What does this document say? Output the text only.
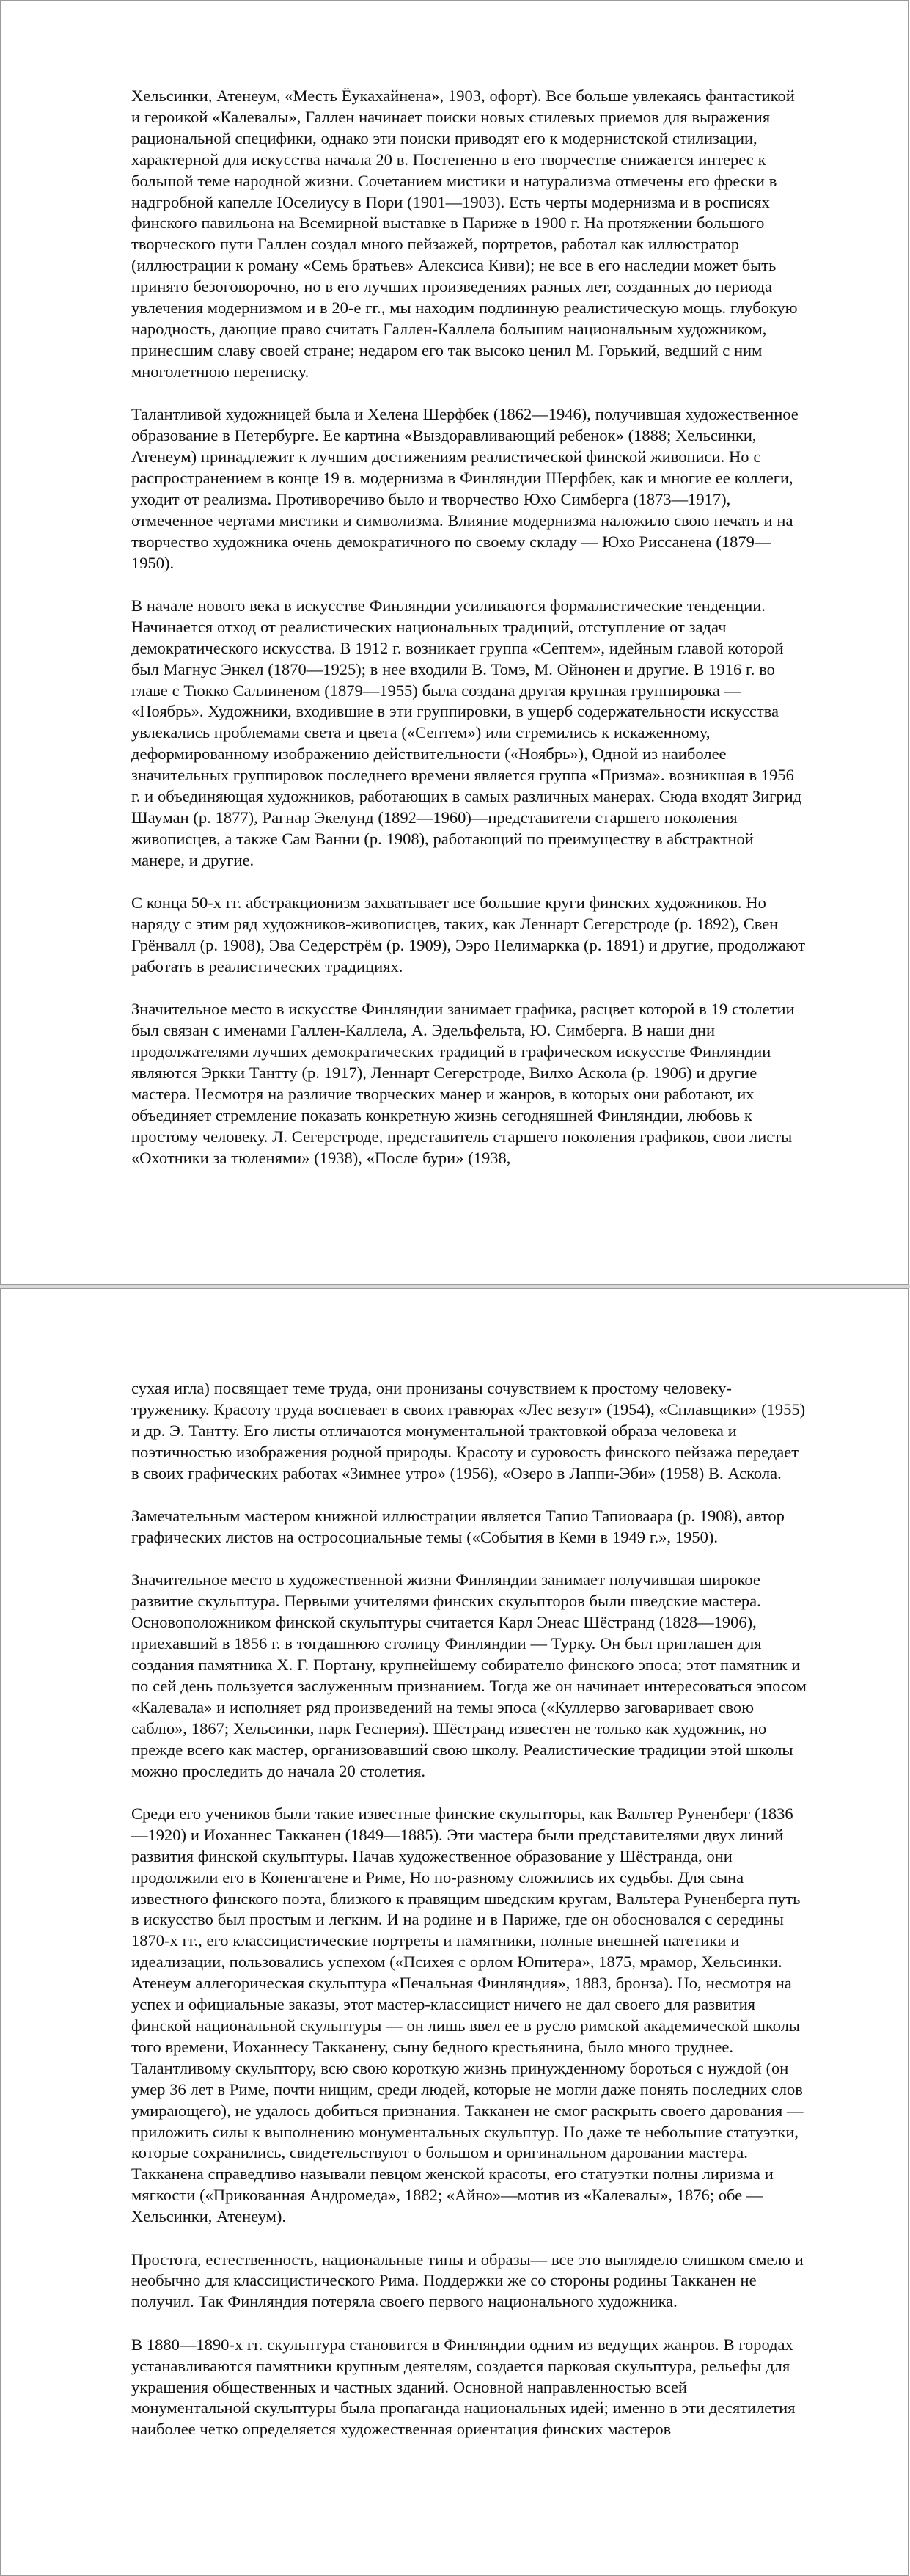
Хельсинки, Атенеум, «Месть Ёукахайнена», 1903, офорт). Все больше увлекаясь фантастикой и героикой «Калевалы», Галлен начинает поиски новых стилевых приемов для выражения рациональной специфики, однако эти поиски приводят его к модернистской стилизации, характерной для искусства начала 20 в. Постепенно в его творчестве снижается интерес к большой теме народной жизни. Сочетанием мистики и натурализма отмечены его фрески в надгробной капелле Юселиусу в Пори (1901—1903). Есть черты модернизма и в росписях финского павильона на Всемирной выставке в Париже в 1900 г. На протяжении большого творческого пути Галлен создал много пейзажей, портретов, работал как иллюстратор (иллюстрации к роману «Семь братьев» Алексиса Киви); не все в его наследии может быть принято безоговорочно, но в его лучших произведениях разных лет, созданных до периода увлечения модернизмом и в 20-е гг., мы находим подлинную реалистическую мощь. глубокую народность, дающие право считать Галлен-Каллела большим национальным художником, принесшим славу своей стране; недаром его так высоко ценил М. Горький, ведший с ним многолетнюю переписку.

Талантливой художницей была и Хелена Шерфбек (1862—1946), получившая художественное образование в Петербурге. Ее картина «Выздоравливающий ребенок» (1888; Хельсинки, Атенеум) принадлежит к лучшим достижениям реалистической финской живописи. Но с распространением в конце 19 в. модернизма в Финляндии Шерфбек, как и многие ее коллеги, уходит от реализма. Противоречиво было и творчество Юхо Симберга (1873—1917), отмеченное чертами мистики и символизма. Влияние модернизма наложило свою печать и на творчество художника очень демократичного по своему складу — Юхо Риссанена (1879—1950).

В начале нового века в искусстве Финляндии усиливаются формалистические тенденции. Начинается отход от реалистических национальных традиций, отступление от задач демократического искусства. В 1912 г. возникает группа «Септем», идейным главой которой был Магнус Энкел (1870—1925); в нее входили В. Томэ, М. Ойнонен и другие. В 1916 г. во главе с Тюкко Саллиненом (1879—1955) была создана другая крупная группировка — «Ноябрь». Художники, входившие в эти группировки, в ущерб содержательности искусства увлекались проблемами света и цвета («Септем») или стремились к искаженному, деформированному изображению действительности («Ноябрь»), Одной из наиболее значительных группировок последнего времени является группа «Призма». возникшая в 1956 г. и объединяющая художников, работающих в самых различных манерах. Сюда входят Зигрид Шауман (р. 1877), Рагнар Экелунд (1892—1960)—представители старшего поколения живописцев, а также Сам Ванни (р. 1908), работающий по преимуществу в абстрактной манере, и другие.

С конца 50-х гг. абстракционизм захватывает все большие круги финских художников. Но наряду с этим ряд художников-живописцев, таких, как Леннарт Сегерстроде (р. 1892), Свен Грёнвалл (р. 1908), Эва Седерстрём (р. 1909), Ээро Нелимаркка (р. 1891) и другие, продолжают работать в реалистических традициях.

Значительное место в искусстве Финляндии занимает графика, расцвет которой в 19 столетии был связан с именами Галлен-Каллела, А. Эдельфельта, Ю. Симберга. В наши дни продолжателями лучших демократических традиций в графическом искусстве Финляндии являются Эркки Тантту (р. 1917), Леннарт Сегерстроде, Вилхо Аскола (р. 1906) и другие мастера. Несмотря на различие творческих манер и жанров, в которых они работают, их объединяет стремление показать конкретную жизнь сегодняшней Финляндии, любовь к простому человеку. Л. Сегерстроде, представитель старшего поколения графиков, свои листы «Охотники за тюленями» (1938), «После бури» (1938,

сухая игла) посвящает теме труда, они пронизаны сочувствием к простому человеку-труженику. Красоту труда воспевает в своих гравюрах «Лес везут» (1954), «Сплавщики» (1955) и др. Э. Тантту. Его листы отличаются монументальной трактовкой образа человека и поэтичностью изображения родной природы. Красоту и суровость финского пейзажа передает в своих графических работах «Зимнее утро» (1956), «Озеро в Лаппи-Эби» (1958) В. Аскола.

Замечательным мастером книжной иллюстрации является Тапио Тапиоваара (р. 1908), автор графических листов на остросоциальные темы («События в Кеми в 1949 г.», 1950).

Значительное место в художественной жизни Финляндии занимает получившая широкое развитие скульптура. Первыми учителями финских скульпторов были шведские мастера. Основоположником финской скульптуры считается Карл Энеас Шёстранд (1828—1906), приехавший в 1856 г. в тогдашнюю столицу Финляндии — Турку. Он был приглашен для создания памятника Х. Г. Портану, крупнейшему собирателю финского эпоса; этот памятник и по сей день пользуется заслуженным признанием. Тогда же он начинает интересоваться эпосом «Калевала» и исполняет ряд произведений на темы эпоса («Куллерво заговаривает свою саблю», 1867; Хельсинки, парк Гесперия). Шёстранд известен не только как художник, но прежде всего как мастер, организовавший свою школу. Реалистические традиции этой школы можно проследить до начала 20 столетия.

Среди его учеников были такие известные финские скульпторы, как Вальтер Руненберг (1836—1920) и Иоханнес Такканен (1849—1885). Эти мастера были представителями двух линий развития финской скульптуры. Начав художественное образование у Шёстранда, они продолжили его в Копенгагене и Риме, Но по-разному сложились их судьбы. Для сына известного финского поэта, близкого к правящим шведским кругам, Вальтера Руненберга путь в искусство был простым и легким. И на родине и в Париже, где он обосновался с середины 1870-х гг., его классицистические портреты и памятники, полные внешней патетики и идеализации, пользовались успехом («Психея с орлом Юпитера», 1875, мрамор, Хельсинки. Атенеум аллегорическая скульптура «Печальная Финляндия», 1883, бронза). Но, несмотря на успех и официальные заказы, этот мастер-классицист ничего не дал своего для развития финской национальной скульптуры — он лишь ввел ее в русло римской академической школы того времени, Иоханнесу Такканену, сыну бедного крестьянина, было много труднее. Талантливому скульптору, всю свою короткую жизнь принужденному бороться с нуждой (он умер 36 лет в Риме, почти нищим, среди людей, которые не могли даже понять последних слов умирающего), не удалось добиться признания. Такканен не смог раскрыть своего дарования — приложить силы к выполнению монументальных скульптур. Но даже те небольшие статуэтки, которые сохранились, свидетельствуют о большом и оригинальном даровании мастера. Такканена справедливо называли певцом женской красоты, его статуэтки полны лиризма и мягкости («Прикованная Андромеда», 1882; «Айно»—мотив из «Калевалы», 1876; обе — Хельсинки, Атенеум).

Простота, естественность, национальные типы и образы— все это выглядело слишком смело и необычно для классицистического Рима. Поддержки же со стороны родины Такканен не получил. Так Финляндия потеряла своего первого национального художника.

В 1880—1890-х гг. скульптура становится в Финляндии одним из ведущих жанров. В городах устанавливаются памятники крупным деятелям, создается парковая скульптура, рельефы для украшения общественных и частных зданий. Основной направленностью всей монументальной скульптуры была пропаганда национальных идей; именно в эти десятилетия наиболее четко определяется художественная ориентация финских мастеров
